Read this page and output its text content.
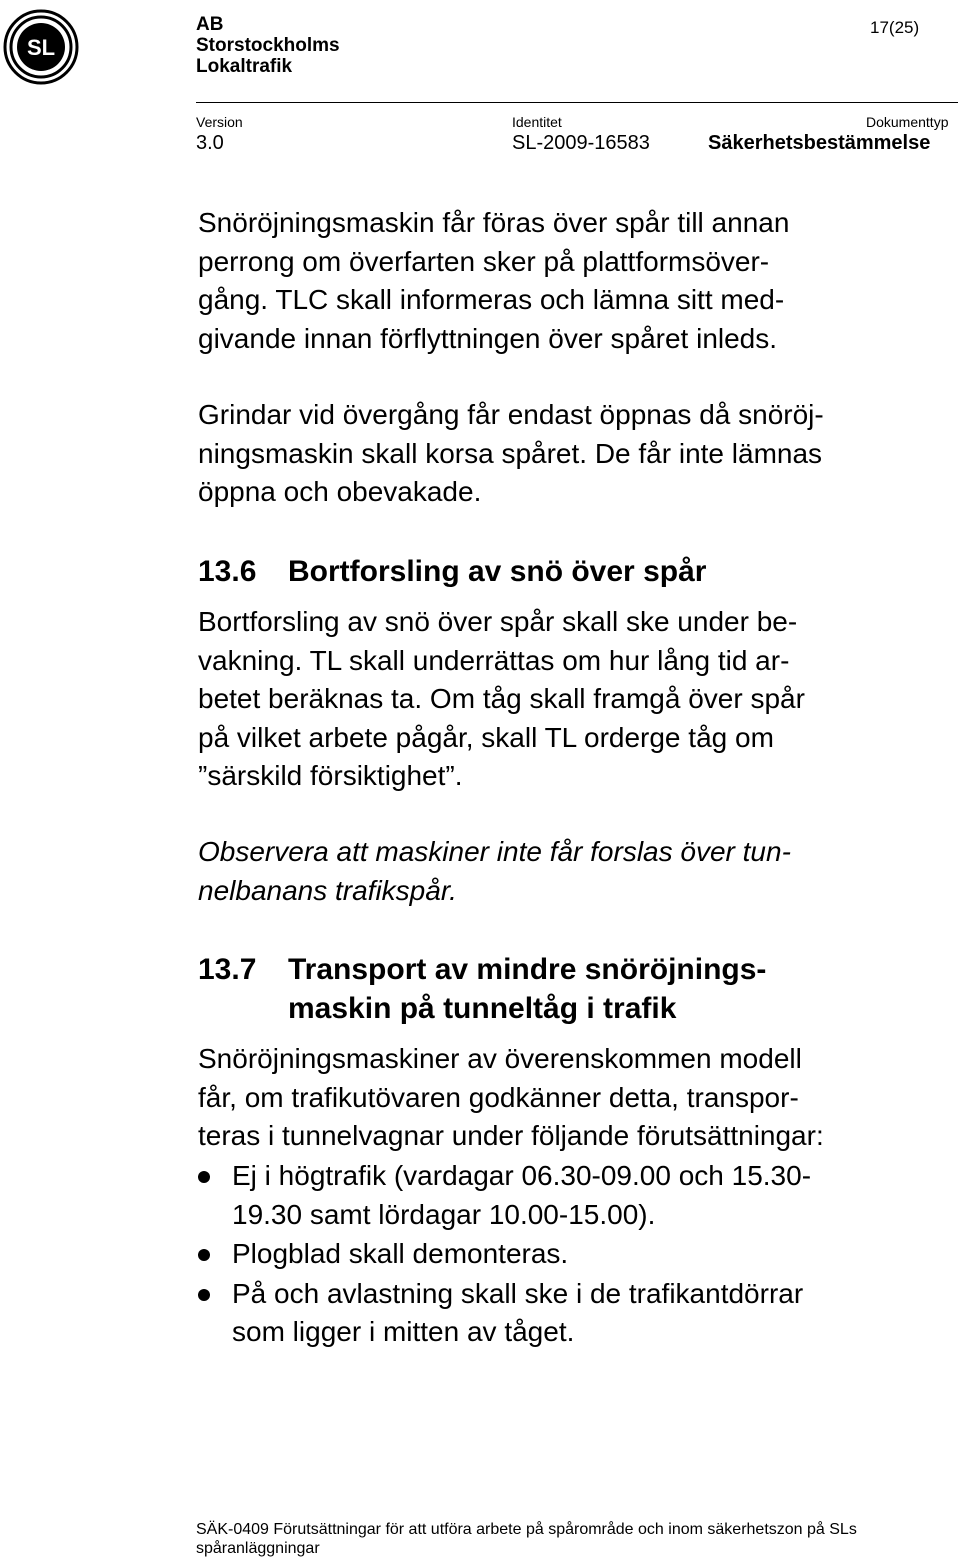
SL
AB
Storstockholms
Lokaltrafik
17(25)
Version
3.0
Identitet
SL-2009-16583
Dokumenttyp
Säkerhetsbestämmelse
Snöröjningsmaskin får föras över spår till annan
perrong om överfarten sker på plattformsöver-
gång. TLC skall informeras och lämna sitt med-
givande innan förflyttningen över spåret inleds.
Grindar vid övergång får endast öppnas då snöröj-
ningsmaskin skall korsa spåret. De får inte lämnas
öppna och obevakade.
13.6 Bortforsling av snö över spår
Bortforsling av snö över spår skall ske under be-
vakning. TL skall underrättas om hur lång tid ar-
betet beräknas ta. Om tåg skall framgå över spår
på vilket arbete pågår, skall TL orderge tåg om
”särskild försiktighet”.
Observera att maskiner inte får forslas över tun-
nelbanans trafikspår.
13.7 Transport av mindre snöröjnings-
maskin på tunneltåg i trafik
Snöröjningsmaskiner av överenskommen modell
får, om trafikutövaren godkänner detta, transpor-
teras i tunnelvagnar under följande förutsättningar:
Ej i högtrafik (vardagar 06.30-09.00 och 15.30-
19.30 samt lördagar 10.00-15.00).
Plogblad skall demonteras.
På och avlastning skall ske i de trafikantdörrar
som ligger i mitten av tåget.
SÄK-0409 Förutsättningar för att utföra arbete på spårområde och inom säkerhetszon på SLs
spåranläggningar
